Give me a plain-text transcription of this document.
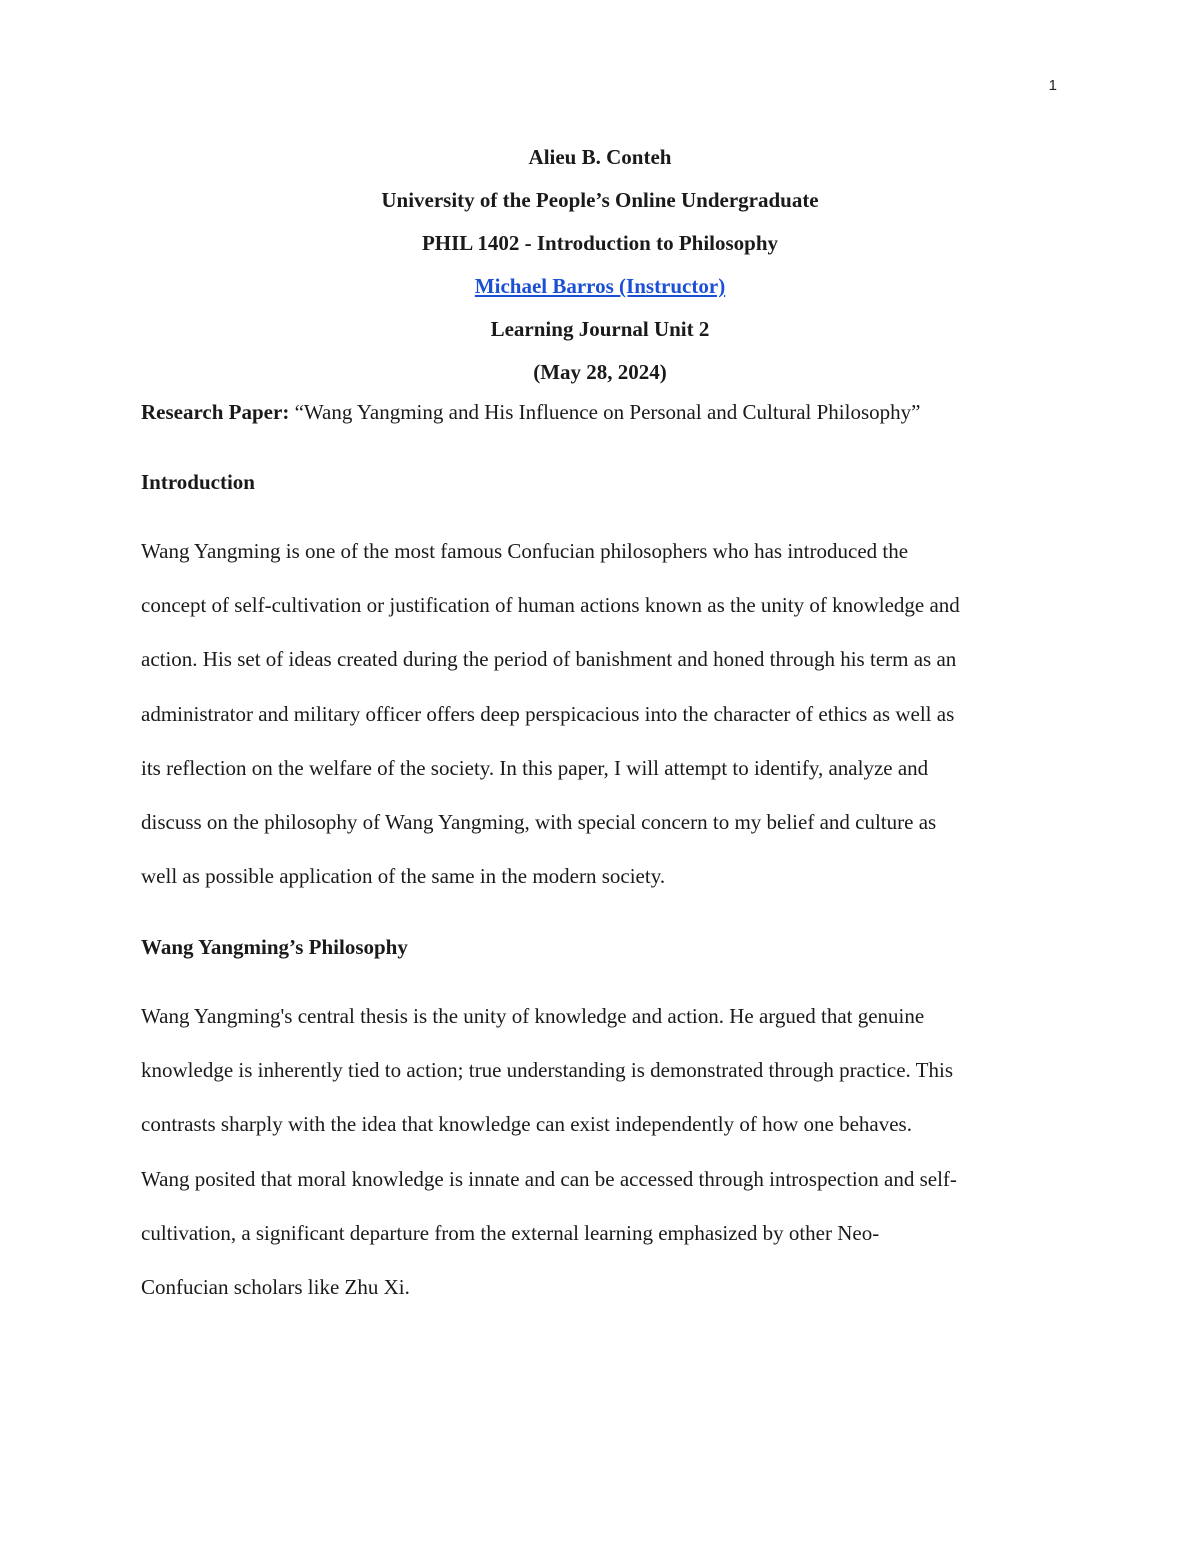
1
Alieu B. Conteh
University of the People’s Online Undergraduate
PHIL 1402 - Introduction to Philosophy
Michael Barros (Instructor)
Learning Journal Unit 2
(May 28, 2024)
Research Paper: “Wang Yangming and His Influence on Personal and Cultural Philosophy”
Introduction
Wang Yangming is one of the most famous Confucian philosophers who has introduced the
concept of self-cultivation or justification of human actions known as the unity of knowledge and
action. His set of ideas created during the period of banishment and honed through his term as an
administrator and military officer offers deep perspicacious into the character of ethics as well as
its reflection on the welfare of the society. In this paper, I will attempt to identify, analyze and
discuss on the philosophy of Wang Yangming, with special concern to my belief and culture as
well as possible application of the same in the modern society.
Wang Yangming’s Philosophy
Wang Yangming's central thesis is the unity of knowledge and action. He argued that genuine
knowledge is inherently tied to action; true understanding is demonstrated through practice. This
contrasts sharply with the idea that knowledge can exist independently of how one behaves.
Wang posited that moral knowledge is innate and can be accessed through introspection and self-
cultivation, a significant departure from the external learning emphasized by other Neo-
Confucian scholars like Zhu Xi.
